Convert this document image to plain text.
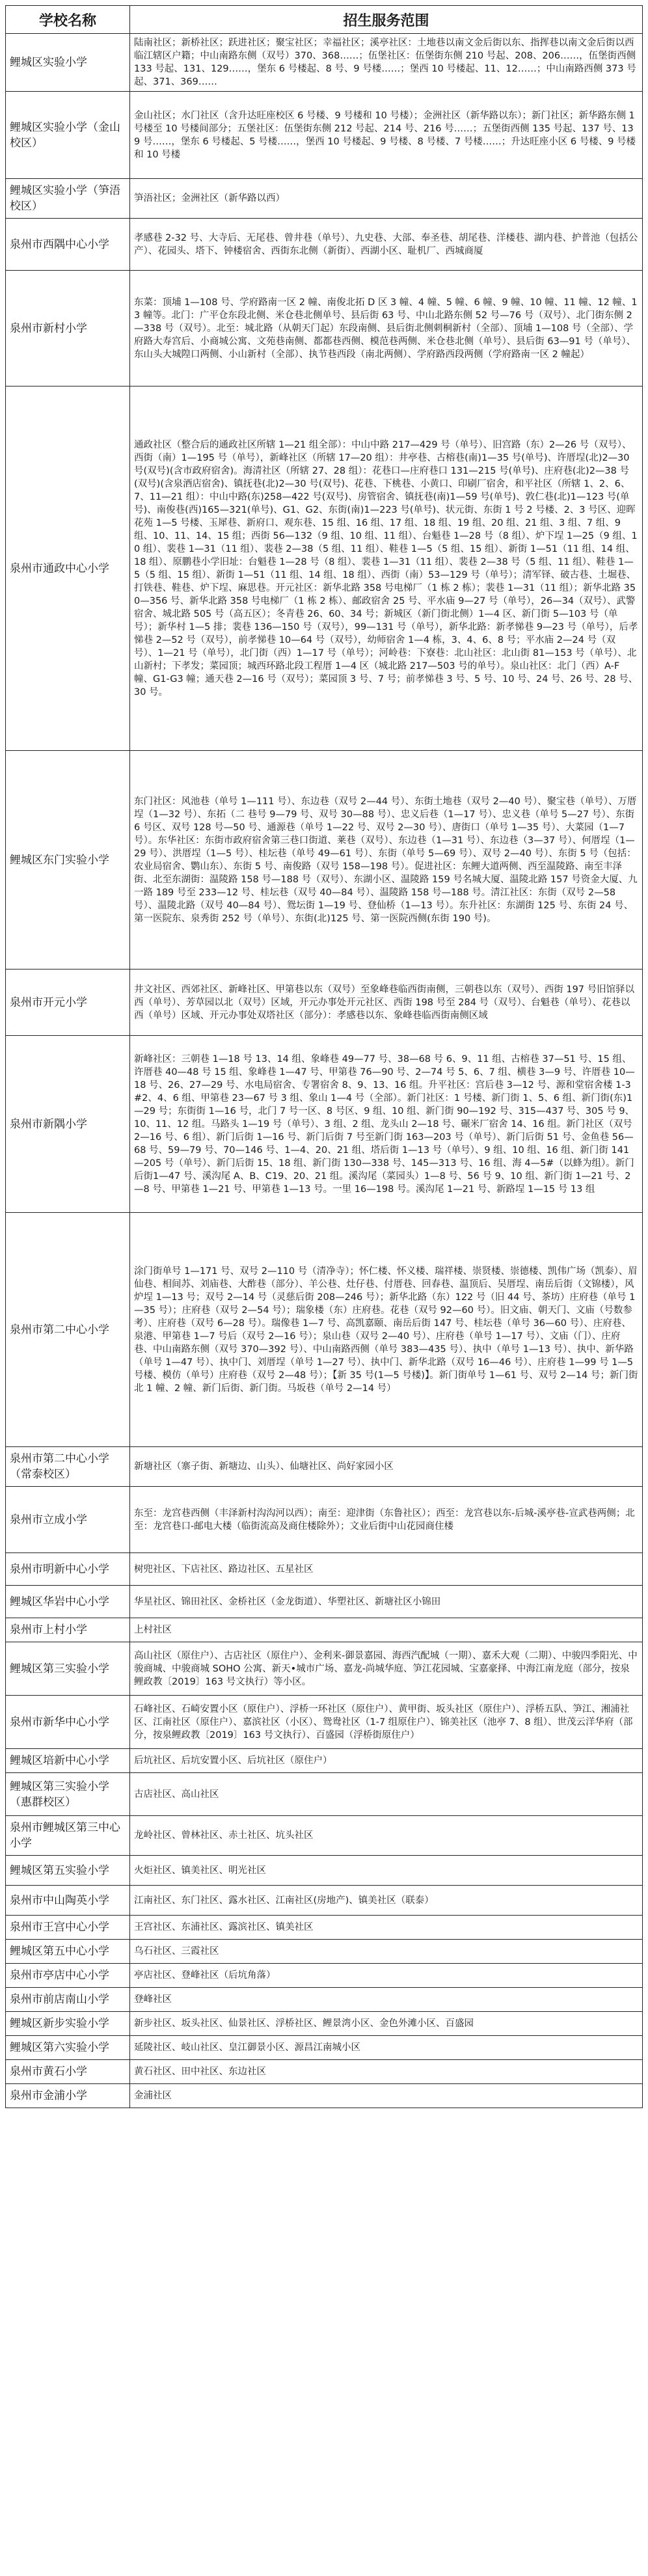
学校名称	招生服务范围
鲤城区实验小学	陆南社区；新桥社区；跃进社区；聚宝社区；幸福社区；溪亭社区：土地巷以南文金后街以东、指挥巷以南文金后街以西临江辖区户籍；中山南路东侧（双号）370、368……；伍堡社区：伍堡街东侧 210 号起、208、206……，伍堡街西侧 133 号起、131、129……，堡东 6 号楼起、8 号、9 号楼……；堡西 10 号楼起、11、12……；中山南路西侧 373 号起、371、369……
鲤城区实验小学（金山校区）	金山社区；水门社区（含升达旺座校区 6 号楼、9 号楼和 10 号楼）；金洲社区（新华路以东）；新门社区；新华路东侧 1 号楼至 10 号楼间部分；五堡社区：伍堡街东侧 212 号起、214 号、216 号……；五堡街西侧 135 号起、137 号、139 号……，堡东 6 号楼起、5 号楼……，堡西 10 号楼起、9 号楼、8 号楼、7 号楼……；升达旺座小区 6 号楼、9 号楼和 10 号楼
鲤城区实验小学（笋浯校区）	笋浯社区；金洲社区（新华路以西）
泉州市西隅中心小学	孝感巷 2-32 号、大寺后、无尾巷、曾井巷（单号）、九史巷、大部、奉圣巷、胡尾巷、洋楼巷、湖内巷、护普池（包括公产）、花园头、塔下、钟楼宿舍、西街东北侧（新街）、西湖小区、耻机厂、西城商厦
泉州市新村小学	东菜：顶埔 1—108 号、学府路南一区 2 幢、南俊北拓 D 区 3 幢、4 幢、5 幢、6 幢、9 幢、10 幢、11 幢、12 幢、13 幢等。北门：广平仓东段北侧、米仓巷北侧单号、县后街 63 号、中山北路东侧 52 号—76 号（双号）、北门街东侧 2—338 号（双号）。北至：城北路（从朝天门起）东段南侧、县后街北侧刺桐新村（全部）、顶埔 1—108 号（全部）、学府路大寿宫后、小商城公寓、文苑巷南侧、都都巷西侧、模范巷两侧、米仓巷北侧（单号）、县后街 63—91 号（单号）、东山头大城隍口两侧、小山新村（全部）、执节巷西段（南北两侧）、学府路西段两侧（学府路南一区 2 幢起）
泉州市通政中心小学	通政社区（整合后的通政社区所辖 1—21 组全部）：中山中路 217—429 号（单号）、旧宫路（东）2—26 号（双号）、西街（南）1—195 号（单号），新峰社区（所辖 17—20 组）：井亭巷、古榕巷(南)1—35 号(单号)、许厝埕(北)2—30 号(双号)(含市政府宿舍)。海清社区（所辖 27、28 组）：花巷口—庄府巷口 131—215 号(单号)、庄府巷(北)2—38 号(双号)(含泉酒店宿舍)、镇抚巷(北)2—30 号(双号)、花巷、下桃巷、小黄口、印刷厂宿舍，和平社区（所辖 1、2、6、7、11—21 组）：中山中路(东)258—422 号(双号)、房管宿舍、镇抚巷(南)1—59 号(单号)、敦仁巷(北)1—123 号(单号)、南俊巷(西)165—321(单号)、G1、G2、东街(南)1—223 号(单号)、状元街、东街 1 号 2 号楼、2、3 号区、迎晖花苑 1—5 号楼、玉犀巷、新府口、观东巷、15 组、16 组、17 组、18 组、19 组、20 组、21 组、3 组、7 组、9 组、10、11、14、15 组；西街 56—132（9 组、10 组、11 组）、台魁巷 1—28 号（8 组）、炉下埕 1—25（9 组、10 组）、裴巷 1—31（11 组）、裴巷 2—38（5 组、11 组）、鞋巷 1—5（5 组、15 组）、新街 1—51（11 组、14 组、18 组）、原鹏巷小学旧址：台魁巷 1—28 号（8 组）、裴巷 1—31（11 组）、裴巷 2—38 号（5 组、11 组）、鞋巷 1—5（5 组、15 组）、新街 1—51（11 组、14 组、18 组）、西街（南）53—129 号（单号）；清军铎、破古巷、土堀巷、打铁巷、鞋巷、炉下埕、麻思巷。开元社区：新华北路 358 号电梯厂（1 栋 2 栋）；裴巷 1—31（11 组）；新华北路 350—356 号、新华北路 358 号电梯厂（1 栋 2 栋）、邮政宿舍 25 号、平水庙 9—27 号（单号），26—34（双号）、武警宿舍、城北路 505 号（高五区）；冬青巷 26、60、34 号；新城区（新门街北侧）1—4 区、新门街 5—103 号（单号）；新华村 1—5 排；裴巷 136—150 号（双号），99—131 号（单号），新华北路：新孝悌巷 9—23 号（单号），后孝悌巷 2—52 号（双号），前孝悌巷 10—64 号（双号），幼师宿舍 1—4 栋，3、4、6、8 号；平水庙 2—24 号（双号）、1—21 号（单号），北门街（西）1—17 号（单号）；河岭巷：下寮巷：北山社区：北山街 81—153 号（单号）、北山新村；下孝发；菜园顶；城西环路北段工程厝 1—4 区（城北路 217—503 号的单号）。泉山社区：北门（西）A-F 幢、G1-G3 幢；通天巷 2—16 号（双号）；菜园顶 3 号、7 号；前孝悌巷 3 号、5 号、10 号、24 号、26 号、28 号、30 号。
鲤城区东门实验小学	东门社区：风池巷（单号 1—111 号）、东边巷（双号 2—44 号）、东街土地巷（双号 2—40 号）、聚宝巷（单号）、万厝埕（1—32 号）、东拓（二 巷号 9—79 号、双号 30—88 号）、忠义后巷（1—17 号）、忠义巷（单号 5—27 号）、东街 6 号区、双号 128 号—50 号、通源巷（单号 1—22 号、双号 2—30 号）、唐街口（单号 1—35 号）、大菜园（1—7 号）。东华社区：东街市政府宿舍第三巷口街道、莱巷（双号）、东边巷（1—31 号）、东边巷（3—37 号）、何厝埕（1—29 号）、洪厝埕（1—5 号）、桂坛巷（单号 49—61 号）、东街（单号 5—69 号）、双号 2—40 号）、东街 5 号（包括：农业局宿舍、鹦山东）、东街 5 号、南俊路（双号 158—198 号）。促进社区：东鲤大道两侧、西至温陵路、南至丰泽街、北至东湖街：温陵路 158 号—188 号（双号）、东湖小区、温陵路 159 号名城大厦、温陵北路 157 号资金大厦、九一路 189 号至 233—12 号、桂坛巷（双号 40—84 号）、温陵路 158 号—188 号。清江社区：东街（双号 2—58 号）、温陵北路（双号 40—84 号）、鸳坛街 1—19 号、登仙桥（1—13 号）。东升社区：东湖街 125 号、东街 24 号、第一医院东、泉秀街 252 号（单号）、东街(北)125 号、第一医院西侧(东街 190 号)。
泉州市开元小学	井文社区、西郊社区、新峰社区、甲第巷以东（双号）至象峰巷临西街南侧，三朝巷以东（双号）、西街 197 号旧馆驿以西（单号）、芳草园以北（双号）区域，开元办事处开元社区、西街 198 号至 284 号（双号）、台魁巷（单号）、花巷以西（单号）区域、开元办事处双塔社区（部分）：孝感巷以东、象峰巷临西街南侧区域
泉州市新隅小学	新峰社区：三朝巷 1—18 号 13、14 组、象峰巷 49—77 号、38—68 号 6、9、11 组、古榕巷 37—51 号、15 组、许厝巷 40—48 号 15 组、象峰巷 1—47 号、甲第巷 76—90 号、2—74 号 5、6、7 组、横巷 3—9 号、许厝巷 10—18 号、26、27—29 号、水电局宿舍、专署宿舍 8、9、13、16 组。升平社区：宫后巷 3—12 号、源和堂宿舍楼 1-3#2、4、6 组、甲第巷 23—67 号 3 组、象山 1—4 号（全部）。新门社区：1 号楼、新门街 1、5、6 组、新门街(东)1—29 号；东街街 1—16 号，北门 7 号一区、8 号区、9 组、10 组、新门街 90—192 号、315—437 号、305 号 9、10、11、12 组。马路头 1—19 号（单号）、3 组、2 组、龙头山 2—18 号、碾米厂宿舍 14、16 组。新门社区（双号 2—16 号、6 组）、新门后街 1—16 号、新门后街 7 号至新门街 163—203 号（单号）、新门后街 51 号、金鱼巷 56—68 号、59—79 号、70—146 号、1—4、20、21 组、塔后街 1—13 号（单号）、9 组、10 组、16 组、新门街 141—205 号（单号）、新门后街 15、18 组、新门街 130—338 号、145—313 号、16 组、海 4—5#（以蜂为组）。新门后街1—47 号、溪沟尾 A、B、C19、20、21 组。溪沟尾（菜园头）1—8 号、56 号 9、10 组、新门街 1—21 号、2—8 号、甲第巷 1—21 号、甲第巷 1—13 号。一里 16—198 号。溪沟尾 1—21 号、新路埕 1—15 号 13 组
泉州市第二中心小学	涂门街单号 1—171 号、双号 2—110 号（清净寺）；怀仁楼、怀义楼、瑞祥楼、崇贤楼、崇德楼、凯伟广场（凯泰）、眉仙巷、相间苏、刘庙巷、大酢巷（部分）、羊公巷、灶仔巷、付厝巷、回春巷、温顶后、吴厝埕、南岳后街（文锦楼），风炉埕 1—13 号；双号 2—14 号（灵慈后街 208—246 号）；新华北路（东）122 号（旧 44 号、茶坊）庄府巷（单号 1—35 号）；庄府巷（双号 2—54 号）；瑞象楼（东）庄府巷。花巷（双号 92—60 号）。旧文庙、朝天门、文庙（号数参考）、庄府巷（双号 6—28 号）。瑞像巷 1—7 号、高凯嘉颐、南岳后街 147 号、桂坛巷（单号 36—60 号）、庄府巷、泉港、甲第巷 1—7 号后（双号 2—16 号）；泉山巷（双号 2—40 号）、庄府巷（单号 1—17 号）、文庙（门）、庄府巷、中山南路东侧（双号 370—392 号）、中山南路西侧（单号 383—435 号）、执中（单号 1—13 号）、执中、新华路（单号 1—47 号）、执中门、刘厝埕（单号 1—27 号）、执中门、新华北路（双号 16—46 号）、庄府巷 1—99 号 1—5 号楼、模仿（单号）庄府巷（双号 2—48 号）；【新 35 号(1—5 号楼)】。新门街单号 1—61 号、双号 2—14 号；新门街北 1 幢、2 幢、新门后街、新门街。马坂巷（单号 2—14 号）
泉州市第二中心小学（常泰校区）	新塘社区（寨子街、新塘边、山头）、仙塘社区、尚好家园小区
泉州市立成小学	东至：龙宫巷西侧（丰泽新村沟沟河以西）；南至：迎津街（东鲁社区）；西至：龙宫巷以东-后城-溪亭巷-宣武巷两侧；北至：龙宫巷口-邮电大楼（临街流高及商住楼除外）；文业后街中山花园商住楼
泉州市明新中心小学	树兜社区、下店社区、路边社区、五星社区
鲤城区华岩中心小学	华星社区、锦田社区、金桥社区（金龙街道）、华塑社区、新塘社区小锦田
泉州市上村小学	上村社区
鲤城区第三实验小学	高山社区（原住户）、古店社区（原住户）、金利来-御景嘉园、海西汽配城（一期）、嘉禾大观（二期）、中骏四季阳光、中骏商城、中骏商城 SOHO 公寓、新天•城市广场、嘉龙-尚城华庭、笋江花园城、宝嘉豪择、中海江南龙庭（部分，按泉鲤政教〔2019〕163 号文执行）等小区。
泉州市新华中心小学	石峰社区、石崎安置小区（原住户）、浮桥一环社区（原住户）、黄甲街、坂头社区（原住户）、浮桥五队、笋江、湘浦社区、江南社区（原住户）、嘉滨社区（小区）、鸳鸯社区（1-7 组原住户）、锦美社区（池亭 7、8 组）、世茂云洋华府（部分，按泉鲤政教〔2019〕163 号文执行）、百盛园（浮桥街原住户）
鲤城区培新中心小学	后坑社区、后坑安置小区、后坑社区（原住户）
鲤城区第三实验小学（惠群校区）	古店社区、高山社区
泉州市鲤城区第三中心小学	龙岭社区、曾林社区、赤土社区、坑头社区
鲤城区第五实验小学	火炬社区、镇美社区、明光社区
泉州市中山陶英小学	江南社区、东门社区、露水社区、江南社区(房地产)、镇美社区（联泰）
泉州市王宫中心小学	王宫社区、东浦社区、露滨社区、镇美社区
鲤城区第五中心小学	乌石社区、三霞社区
泉州市亭店中心小学	亭店社区、登峰社区（后坑角落）
泉州市前店南山小学	登峰社区
鲤城区新步实验小学	新步社区、坂头社区、仙景社区、浮桥社区、鲤景湾小区、金色外滩小区、百盛园
鲤城区第六实验小学	延陵社区、岐山社区、皇江御景小区、源昌江南城小区
泉州市黄石小学	黄石社区、田中社区、东边社区
泉州市金浦小学	金浦社区
